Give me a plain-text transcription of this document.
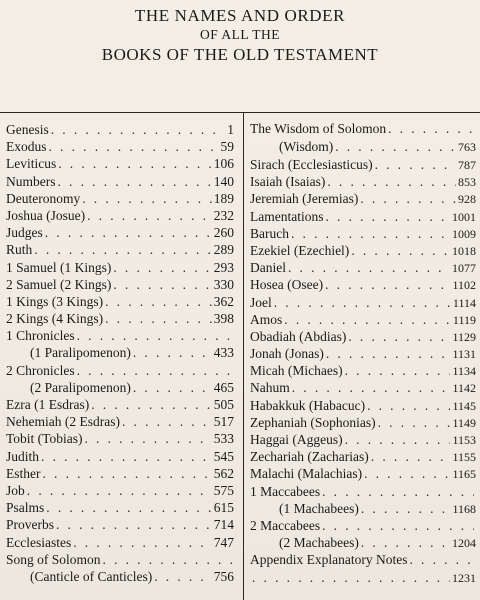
THE NAMES AND ORDER
OF ALL THE
BOOKS OF THE OLD TESTAMENT
Genesis . . .	1
Exodus . . .	59
Leviticus . . .	106
Numbers . . .	140
Deuteronomy . . .	189
Joshua (Josue) . . .	232
Judges . . .	260
Ruth . . .	289
1 Samuel (1 Kings) . . .	293
2 Samuel (2 Kings) . . .	330
1 Kings (3 Kings) . . .	362
2 Kings (4 Kings) . . .	398
1 Chronicles
. . .
(1 Paralipomenon) . . .	433
2 Chronicles
. . .
(2 Paralipomenon) . . .	465
Ezra (1 Esdras) . . .	505
Nehemiah (2 Esdras) . . .	517
Tobit (Tobias) . . .	533
Judith . . .	545
Esther . . .	562
Job . . .	575
Psalms . . .	615
Proverbs . . .	714
Ecclesiastes . . .	747
Song of Solomon
. . .
(Canticle of Canticles) . . .	756
The Wisdom of Solomon
. . .
(Wisdom) . . .	763
Sirach (Ecclesiasticus) . . .	787
Isaiah (Isaias) . . .	853
Jeremiah (Jeremias) . . .	928
Lamentations . . .	1001
Baruch . . .	1009
Ezekiel (Ezechiel) . . .	1018
Daniel . . .	1077
Hosea (Osee) . . .	1102
Joel . . .	1114
Amos . . .	1119
Obadiah (Abdias) . . .	1129
Jonah (Jonas) . . .	1131
Micah (Michaes) . . .	1134
Nahum . . .	1142
Habakkuk (Habacuc) . . .	1145
Zephaniah (Sophonias) . . .	1149
Haggai (Aggeus) . . .	1153
Zechariah (Zacharias) . . .	1155
Malachi (Malachias) . . .	1165
1 Maccabees
. . .
(1 Machabees) . . .	1168
2 Maccabees
. . .
(2 Machabees) . . .	1204
Appendix Explanatory Notes
. . .
. . .
1231
